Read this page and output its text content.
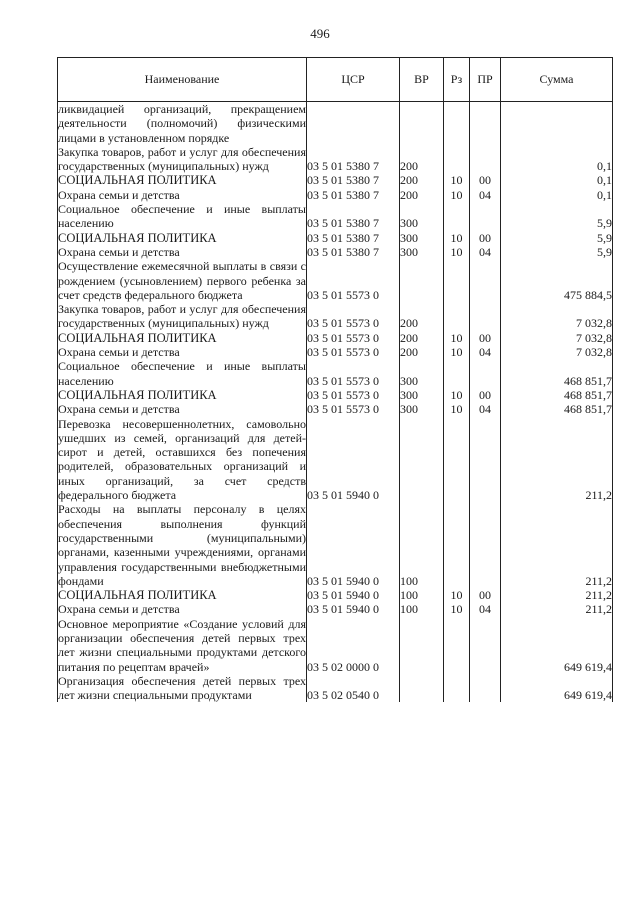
496
Наименование	ЦСР	ВР	Рз	ПР	Сумма
ликвидацией организаций, прекращением деятельности (полномочий) физическими лицами в установленном порядке					
Закупка товаров, работ и услуг для обеспечения государственных (муниципальных) нужд	03 5 01 5380 7	200			0,1
СОЦИАЛЬНАЯ ПОЛИТИКА	03 5 01 5380 7	200	10	00	0,1
Охрана семьи и детства	03 5 01 5380 7	200	10	04	0,1
Социальное обеспечение и иные выплаты населению	03 5 01 5380 7	300			5,9
СОЦИАЛЬНАЯ ПОЛИТИКА	03 5 01 5380 7	300	10	00	5,9
Охрана семьи и детства	03 5 01 5380 7	300	10	04	5,9
Осуществление ежемесячной выплаты в связи с рождением (усыновлением) первого ребенка за счет средств федерального бюджета	03 5 01 5573 0				475 884,5
Закупка товаров, работ и услуг для обеспечения государственных (муниципальных) нужд	03 5 01 5573 0	200			7 032,8
СОЦИАЛЬНАЯ ПОЛИТИКА	03 5 01 5573 0	200	10	00	7 032,8
Охрана семьи и детства	03 5 01 5573 0	200	10	04	7 032,8
Социальное обеспечение и иные выплаты населению	03 5 01 5573 0	300			468 851,7
СОЦИАЛЬНАЯ ПОЛИТИКА	03 5 01 5573 0	300	10	00	468 851,7
Охрана семьи и детства	03 5 01 5573 0	300	10	04	468 851,7
Перевозка несовершеннолетних, самовольно ушедших из семей, организаций для детей-сирот и детей, оставшихся без попечения родителей, образовательных организаций и иных организаций, за счет средств федерального бюджета	03 5 01 5940 0				211,2
Расходы на выплаты персоналу в целях обеспечения выполнения функций государственными (муниципальными) органами, казенными учреждениями, органами управления государственными внебюджетными фондами	03 5 01 5940 0	100			211,2
СОЦИАЛЬНАЯ ПОЛИТИКА	03 5 01 5940 0	100	10	00	211,2
Охрана семьи и детства	03 5 01 5940 0	100	10	04	211,2
Основное мероприятие «Создание условий для организации обеспечения детей первых трех лет жизни специальными продуктами детского питания по рецептам врачей»	03 5 02 0000 0				649 619,4
Организация обеспечения детей первых трех лет жизни специальными продуктами	03 5 02 0540 0				649 619,4
